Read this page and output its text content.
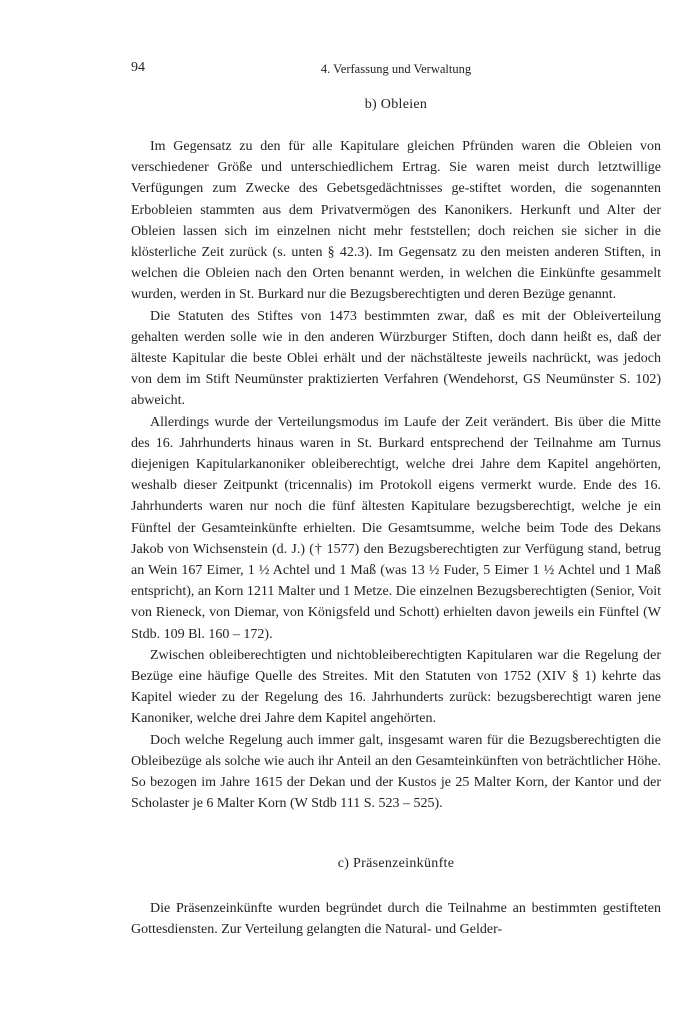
94	4. Verfassung und Verwaltung
b) Obleien

Im Gegensatz zu den für alle Kapitulare gleichen Pfründen waren die Obleien von verschiedener Größe und unterschiedlichem Ertrag. Sie waren meist durch letztwillige Verfügungen zum Zwecke des Gebetsgedächtnisses ge-stiftet worden, die sogenannten Erbobleien stammten aus dem Privatvermögen des Kanonikers. Herkunft und Alter der Obleien lassen sich im einzelnen nicht mehr feststellen; doch reichen sie sicher in die klösterliche Zeit zurück (s. unten § 42.3). Im Gegensatz zu den meisten anderen Stiften, in welchen die Obleien nach den Orten benannt werden, in welchen die Einkünfte gesammelt wurden, werden in St. Burkard nur die Bezugsberechtigten und deren Bezüge genannt.

Die Statuten des Stiftes von 1473 bestimmten zwar, daß es mit der Obleiverteilung gehalten werden solle wie in den anderen Würzburger Stiften, doch dann heißt es, daß der älteste Kapitular die beste Oblei erhält und der nächstälteste jeweils nachrückt, was jedoch von dem im Stift Neumünster praktizierten Verfahren (Wendehorst, GS Neumünster S. 102) abweicht.

Allerdings wurde der Verteilungsmodus im Laufe der Zeit verändert. Bis über die Mitte des 16. Jahrhunderts hinaus waren in St. Burkard entsprechend der Teilnahme am Turnus diejenigen Kapitularkanoniker obleiberechtigt, welche drei Jahre dem Kapitel angehörten, weshalb dieser Zeitpunkt (tricennalis) im Protokoll eigens vermerkt wurde. Ende des 16. Jahrhunderts waren nur noch die fünf ältesten Kapitulare bezugsberechtigt, welche je ein Fünftel der Gesamteinkünfte erhielten. Die Gesamtsumme, welche beim Tode des Dekans Jakob von Wichsenstein (d. J.) († 1577) den Bezugsberechtigten zur Verfügung stand, betrug an Wein 167 Eimer, 1 ½ Achtel und 1 Maß (was 13 ½ Fuder, 5 Eimer 1 ½ Achtel und 1 Maß entspricht), an Korn 1211 Malter und 1 Metze. Die einzelnen Bezugsberechtigten (Senior, Voit von Rieneck, von Diemar, von Königsfeld und Schott) erhielten davon jeweils ein Fünftel (W Stdb. 109 Bl. 160 – 172).

Zwischen obleiberechtigten und nichtobleiberechtigten Kapitularen war die Regelung der Bezüge eine häufige Quelle des Streites. Mit den Statuten von 1752 (XIV § 1) kehrte das Kapitel wieder zu der Regelung des 16. Jahrhunderts zurück: bezugsberechtigt waren jene Kanoniker, welche drei Jahre dem Kapitel angehörten.

Doch welche Regelung auch immer galt, insgesamt waren für die Bezugsberechtigten die Obleibezüge als solche wie auch ihr Anteil an den Gesamteinkünften von beträchtlicher Höhe. So bezogen im Jahre 1615 der Dekan und der Kustos je 25 Malter Korn, der Kantor und der Scholaster je 6 Malter Korn (W Stdb 111 S. 523 – 525).

c) Präsenzeinkünfte

Die Präsenzeinkünfte wurden begründet durch die Teilnahme an bestimmten gestifteten Gottesdiensten. Zur Verteilung gelangten die Natural- und Gelder-
